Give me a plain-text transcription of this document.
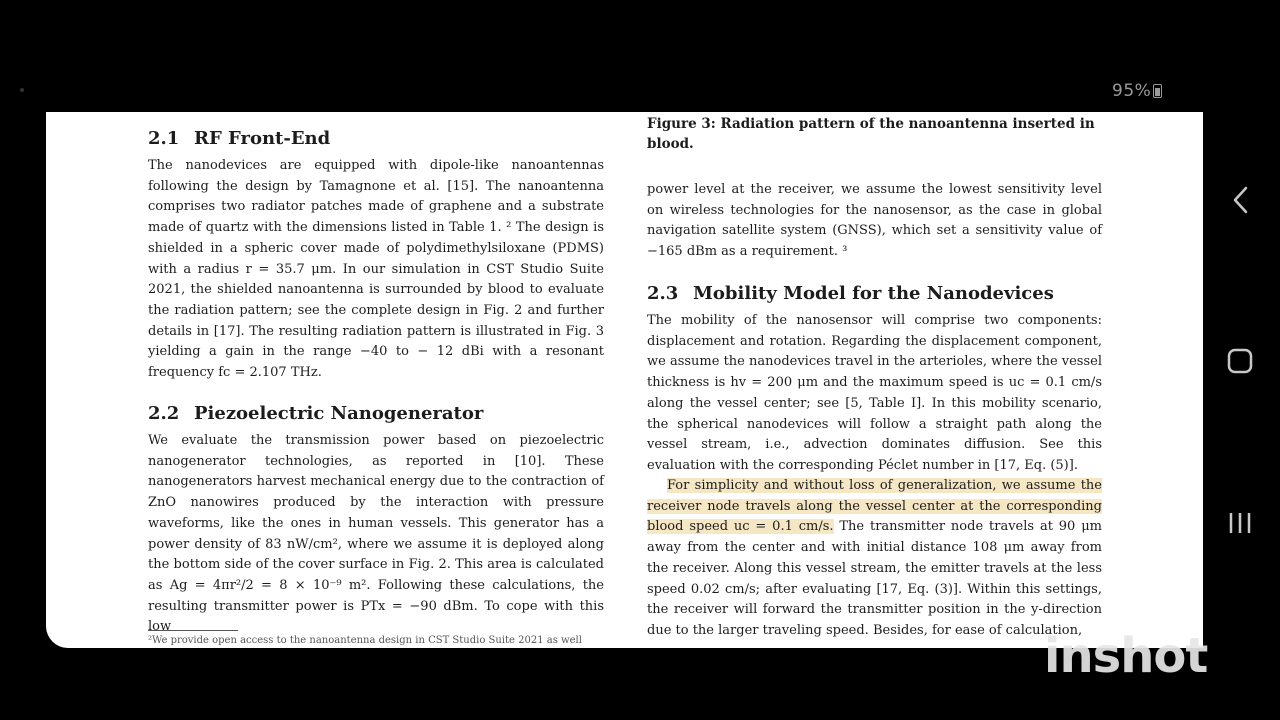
95%
2.1 RF Front-End

The nanodevices are equipped with dipole-like nanoantennas following the design by Tamagnone et al. [15]. The nanoantenna comprises two radiator patches made of graphene and a substrate made of quartz with the dimensions listed in Table 1. ² The design is shielded in a spheric cover made of polydimethylsiloxane (PDMS) with a radius r = 35.7 μm. In our simulation in CST Studio Suite 2021, the shielded nanoantenna is surrounded by blood to evaluate the radiation pattern; see the complete design in Fig. 2 and further details in [17]. The resulting radiation pattern is illustrated in Fig. 3 yielding a gain in the range −40 to − 12 dBi with a resonant frequency fc = 2.107 THz.

2.2 Piezoelectric Nanogenerator

We evaluate the transmission power based on piezoelectric nanogenerator technologies, as reported in [10]. These nanogenerators harvest mechanical energy due to the contraction of ZnO nanowires produced by the interaction with pressure waveforms, like the ones in human vessels. This generator has a power density of 83 nW/cm², where we assume it is deployed along the bottom side of the cover surface in Fig. 2. This area is calculated as Ag = 4πr²/2 = 8 × 10⁻⁹ m². Following these calculations, the resulting transmitter power is PTx = −90 dBm. To cope with this low

²We provide open access to the nanoantenna design in CST Studio Suite 2021 as well

Figure 3: Radiation pattern of the nanoantenna inserted in blood.

power level at the receiver, we assume the lowest sensitivity level on wireless technologies for the nanosensor, as the case in global navigation satellite system (GNSS), which set a sensitivity value of −165 dBm as a requirement. ³

2.3 Mobility Model for the Nanodevices

The mobility of the nanosensor will comprise two components: displacement and rotation. Regarding the displacement component, we assume the nanodevices travel in the arterioles, where the vessel thickness is hv = 200 μm and the maximum speed is uc = 0.1 cm/s along the vessel center; see [5, Table I]. In this mobility scenario, the spherical nanodevices will follow a straight path along the vessel stream, i.e., advection dominates diffusion. See this evaluation with the corresponding Péclet number in [17, Eq. (5)].

For simplicity and without loss of generalization, we assume the receiver node travels along the vessel center at the corresponding blood speed uc = 0.1 cm/s. The transmitter node travels at 90 μm away from the center and with initial distance 108 μm away from the receiver. Along this vessel stream, the emitter travels at the less speed 0.02 cm/s; after evaluating [17, Eq. (3)]. Within this settings, the receiver will forward the transmitter position in the y-direction due to the larger traveling speed. Besides, for ease of calculation,

inshot
